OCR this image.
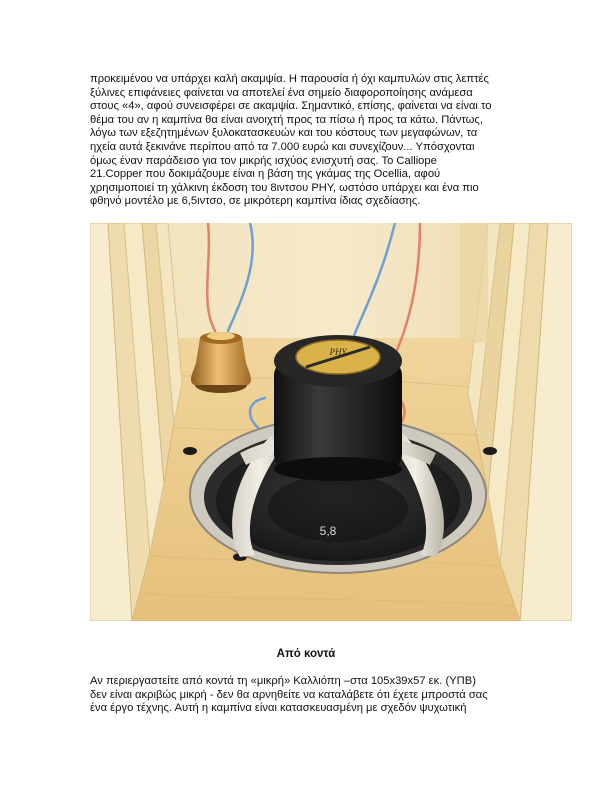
προκειμένου να υπάρχει καλή ακαμψία. Η παρουσία ή όχι καμπυλών στις λεπτές
ξύλινες επιφάνειες φαίνεται να αποτελεί ένα σημείο διαφοροποίησης ανάμεσα
στους «4», αφού συνεισφέρει σε ακαμψία. Σημαντικό, επίσης, φαίνεται να είναι το
θέμα του αν η καμπίνα θα είναι ανοιχτή προς τα πίσω ή προς τα κάτω. Πάντως,
λόγω των εξεζητημένων ξυλοκατασκευών και του κόστους των μεγαφώνων, τα
ηχεία αυτά ξεκινάνε περίπου από τα 7.000 ευρώ και συνεχίζουν... Υπόσχονται
όμως έναν παράδεισο για τον μικρής ισχύος ενισχυτή σας. Το Calliope
21.Copper που δοκιμάζουμε είναι η βάση της γκάμας της Ocellia, αφού
χρησιμοποιεί τη χάλκινη έκδοση του 8ιντσου PHY, ωστόσο υπάρχει και ένα πιο
φθηνό μοντέλο με 6,5ιντσο, σε μικρότερη καμπίνα ίδιας σχεδίασης.
PHY
5,8
Από κοντά
Αν περιεργαστείτε από κοντά τη «μικρή» Καλλιόπη –στα 105x39x57 εκ. (ΥΠΒ)
δεν είναι ακριβώς μικρή - δεν θα αρνηθείτε να καταλάβετε ότι έχετε μπροστά σας
ένα έργο τέχνης. Αυτή η καμπίνα είναι κατασκευασμένη με σχεδόν ψυχωτική
